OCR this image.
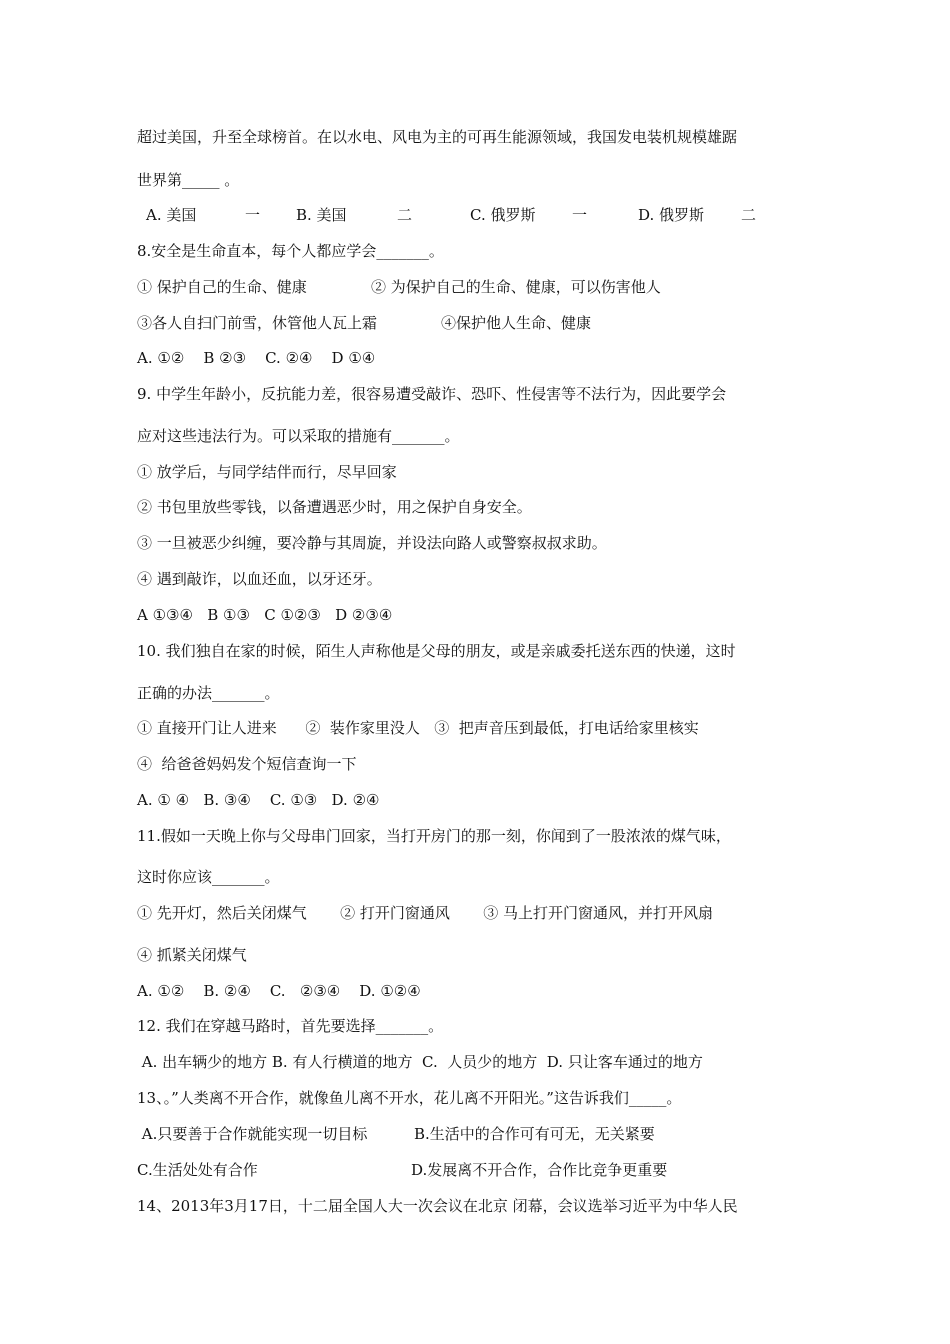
超过美国，升至全球榜首。在以水电、风电为主的可再生能源领域，我国发电装机规模雄踞
世界第_____ 。
A. 美国	一 B. 美国	二	C. 俄罗斯 一	D. 俄罗斯 二
8.安全是生命直本，每个人都应学会_______。
① 保护自己的生命、健康	② 为保护自己的生命、健康，可以伤害他人
③各人自扫门前雪，休管他人瓦上霜	④保护他人生命、健康
A. ①②    B ②③    C. ②④    D ①④
9. 中学生年龄小，反抗能力差，很容易遭受敲诈、恐吓、性侵害等不法行为，因此要学会
应对这些违法行为。可以采取的措施有_______。
① 放学后，与同学结伴而行，尽早回家
② 书包里放些零钱，以备遭遇恶少时，用之保护自身安全。
③ 一旦被恶少纠缠，要冷静与其周旋，并设法向路人或警察叔叔求助。
④ 遇到敲诈，以血还血，以牙还牙。
A ①③④   B ①③   C ①②③   D ②③④
10. 我们独自在家的时候，陌生人声称他是父母的朋友，或是亲戚委托送东西的快递，这时
正确的办法_______。
① 直接开门让人进来      ②  装作家里没人   ③  把声音压到最低，打电话给家里核实
④  给爸爸妈妈发个短信查询一下
A. ① ④   B. ③④    C. ①③   D. ②④
11.假如一天晚上你与父母串门回家，当打开房门的那一刻，你闻到了一股浓浓的煤气味，
这时你应该_______。
① 先开灯，然后关闭煤气       ② 打开门窗通风       ③ 马上打开门窗通风，并打开风扇
④ 抓紧关闭煤气
A. ①②    B. ②④    C.   ②③④    D. ①②④
12. 我们在穿越马路时，首先要选择_______。
A. 出车辆少的地方 B. 有人行横道的地方  C.  人员少的地方  D. 只让客车通过的地方
13、。”人类离不开合作，就像鱼儿离不开水，花儿离不开阳光。”这告诉我们_____。
A.只要善于合作就能实现一切目标	B.生活中的合作可有可无，无关紧要
C.生活处处有合作	D.发展离不开合作，合作比竞争更重要
14、2013年3月17日，十二届全国人大一次会议在北京 闭幕，会议选举习近平为中华人民
